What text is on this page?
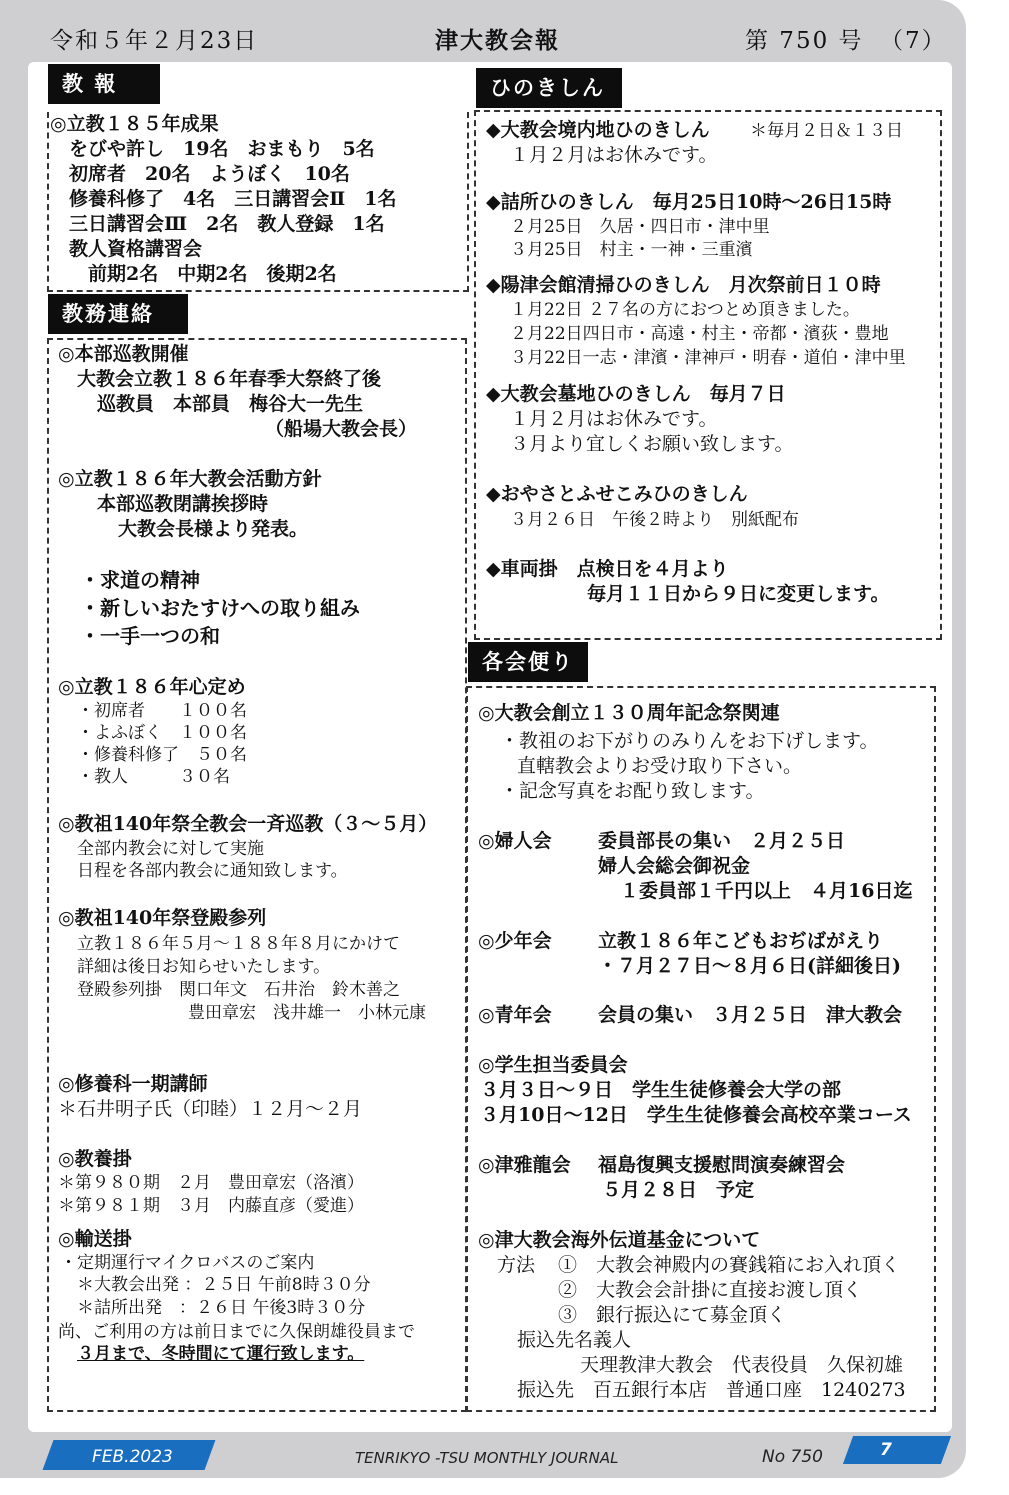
令和５年２月23日	津大教会報	第 750 号 （7）
教 報
◎立教１８５年成果
　をびや許し　19名　おまもり　5名
　初席者　20名　ようぼく　10名
　修養科修了　4名　三日講習会Ⅱ　1名
　三日講習会Ⅲ　2名　教人登録　1名
　教人資格講習会
　　前期2名　中期2名　後期2名
教務連絡
◎本部巡教開催
大教会立教１８６年春季大祭終了後
巡教員　本部員　梅谷大一先生
（船場大教会長）
◎立教１８６年大教会活動方針
本部巡教閉講挨拶時
大教会長様より発表。
・求道の精神
・新しいおたすけへの取り組み
・一手一つの和
◎立教１８６年心定め
・初席者　　１００名
・よふぼく　１００名
・修養科修了　５０名
・教人　　　３０名
◎教祖140年祭全教会一斉巡教（３～５月）
全部内教会に対して実施
日程を各部内教会に通知致します。
◎教祖140年祭登殿参列
立教１８６年５月～１８８年８月にかけて
詳細は後日お知らせいたします。
登殿参列掛　関口年文　石井治　鈴木善之
豊田章宏　浅井雄一　小林元康
◎修養科一期講師
＊石井明子氏（印睦）１２月～２月
◎教養掛
＊第９８０期　２月　豊田章宏（洛濱）
＊第９８１期　３月　内藤直彦（愛進）
◎輸送掛
・定期運行マイクロバスのご案内
＊大教会出発 ：２５日 午前8時３０分
＊詰所出発　：２６日 午後3時３０分
尚、ご利用の方は前日までに久保朗雄役員まで
３月まで、冬時間にて運行致します。
ひのきしん
◆大教会境内地ひのきしん ＊毎月２日＆１３日
１月２月はお休みです。
◆詰所ひのきしん　毎月25日10時～26日15時
２月25日　久居・四日市・津中里
３月25日　村主・一神・三重濱
◆陽津会館清掃ひのきしん　月次祭前日１０時
１月22日 ２７名の方におつとめ頂きました。
２月22日四日市・高遠・村主・帝都・濱荻・豊地
３月22日一志・津濱・津神戸・明春・道伯・津中里
◆大教会墓地ひのきしん　毎月７日
１月２月はお休みです。
３月より宜しくお願い致します。
◆おやさとふせこみひのきしん
３月２６日　午後２時より　別紙配布
◆車両掛　点検日を４月より
毎月１１日から９日に変更します。
各会便り
◎大教会創立１３０周年記念祭関連
・教祖のお下がりのみりんをお下げします。
直轄教会よりお受け取り下さい。
・記念写真をお配り致します。
◎婦人会 委員部長の集い　２月２５日
婦人会総会御祝金
１委員部１千円以上　４月16日迄
◎少年会 立教１８６年こどもおぢばがえり
・７月２７日～８月６日(詳細後日)
◎青年会 会員の集い　３月２５日　津大教会
◎学生担当委員会
３月３日～９日　学生生徒修養会大学の部
３月10日～12日　学生生徒修養会高校卒業コース
◎津雅龍会 福島復興支援慰問演奏練習会
５月２８日　予定
◎津大教会海外伝道基金について
方法 ①　大教会神殿内の賽銭箱にお入れ頂く
②　大教会会計掛に直接お渡し頂く
③　銀行振込にて募金頂く
振込先名義人
天理教津大教会　代表役員　久保初雄
振込先　百五銀行本店　普通口座　1240273
FEB.2023	TENRIKYO -TSU MONTHLY JOURNAL	No 750	7
